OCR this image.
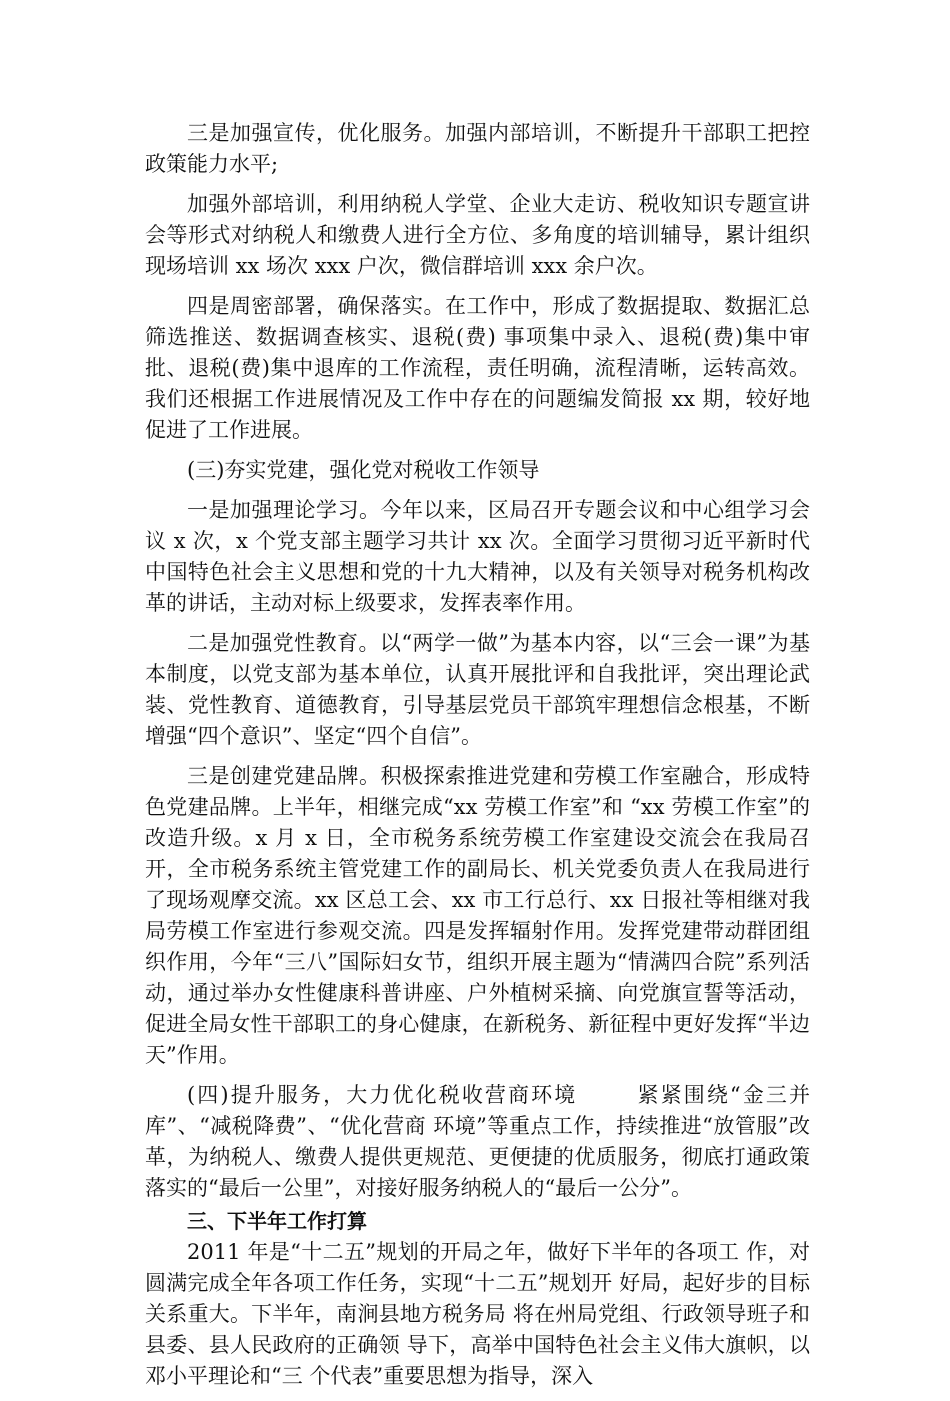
三是加强宣传，优化服务。加强内部培训，不断提升干部职工把控政策能力水平;

加强外部培训，利用纳税人学堂、企业大走访、税收知识专题宣讲会等形式对纳税人和缴费人进行全方位、多角度的培训辅导，累计组织现场培训 xx 场次 xxx 户次，微信群培训 xxx 余户次。

四是周密部署，确保落实。在工作中，形成了数据提取、数据汇总筛选推送、数据调查核实、退税(费) 事项集中录入、退税(费)集中审批、退税(费)集中退库的工作流程，责任明确，流程清晰，运转高效。我们还根据工作进展情况及工作中存在的问题编发简报 xx 期，较好地促进了工作进展。

(三)夯实党建，强化党对税收工作领导

一是加强理论学习。今年以来，区局召开专题会议和中心组学习会议 x 次，x 个党支部主题学习共计 xx 次。全面学习贯彻习近平新时代中国特色社会主义思想和党的十九大精神，以及有关领导对税务机构改革的讲话，主动对标上级要求，发挥表率作用。

二是加强党性教育。以“两学一做”为基本内容，以“三会一课”为基本制度，以党支部为基本单位，认真开展批评和自我批评，突出理论武装、党性教育、道德教育，引导基层党员干部筑牢理想信念根基，不断增强“四个意识”、坚定“四个自信”。

三是创建党建品牌。积极探索推进党建和劳模工作室融合，形成特色党建品牌。上半年，相继完成“xx 劳模工作室”和 “xx 劳模工作室”的改造升级。x 月 x 日，全市税务系统劳模工作室建设交流会在我局召开，全市税务系统主管党建工作的副局长、机关党委负责人在我局进行了现场观摩交流。xx 区总工会、xx 市工行总行、xx 日报社等相继对我局劳模工作室进行参观交流。四是发挥辐射作用。发挥党建带动群团组织作用，今年“三八”国际妇女节，组织开展主题为“情满四合院”系列活动，通过举办女性健康科普讲座、户外植树采摘、向党旗宣誓等活动，促进全局女性干部职工的身心健康，在新税务、新征程中更好发挥“半边天”作用。

(四)提升服务，大力优化税收营商环境	紧紧围绕“金三并库”、“减税降费”、“优化营商 环境”等重点工作，持续推进“放管服”改革，为纳税人、缴费人提供更规范、更便捷的优质服务，彻底打通政策落实的“最后一公里”，对接好服务纳税人的“最后一公分”。

三、下半年工作打算

2011 年是“十二五”规划的开局之年，做好下半年的各项工 作，对圆满完成全年各项工作任务，实现“十二五”规划开 好局，起好步的目标关系重大。下半年，南涧县地方税务局 将在州局党组、行政领导班子和县委、县人民政府的正确领 导下，高举中国特色社会主义伟大旗帜，以邓小平理论和“三 个代表”重要思想为指导，深入
